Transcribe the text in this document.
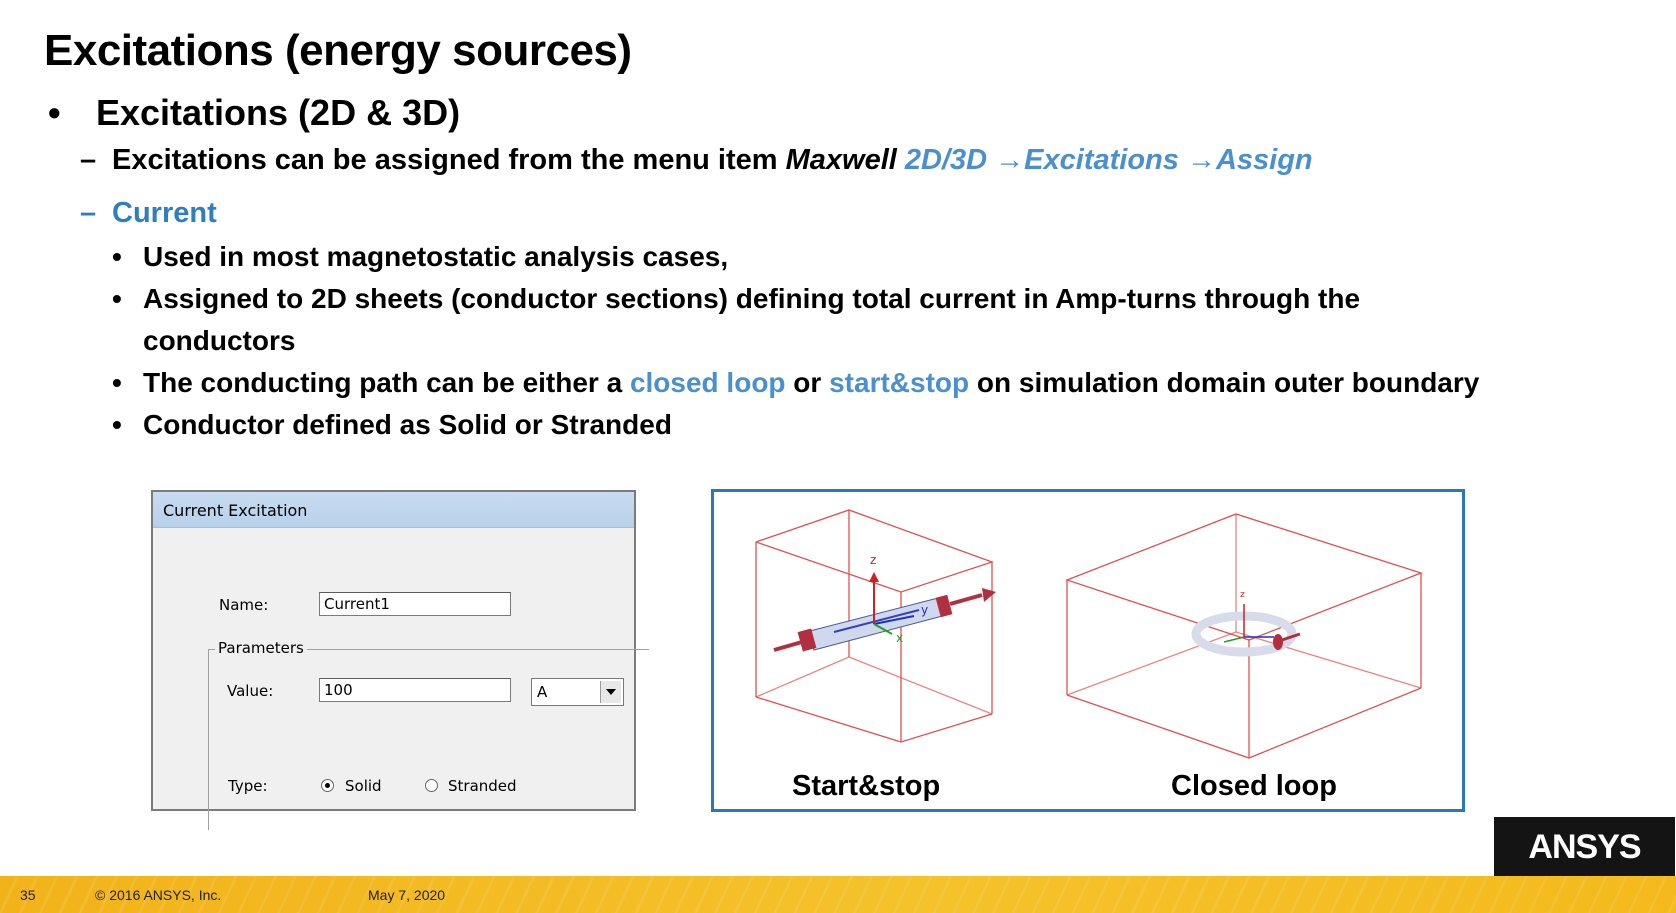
Excitations (energy sources)
• Excitations (2D & 3D)
– Excitations can be assigned from the menu item Maxwell 2D/3D →Excitations →Assign
– Current
• Used in most magnetostatic analysis cases,
• Assigned to 2D sheets (conductor sections) defining total current in Amp-turns through the
conductors
• The conducting path can be either a closed loop or start&stop on simulation domain outer boundary
• Conductor defined as Solid or Stranded
Current Excitation
Name:	Current1
Parameters
Value:	100	A
Type:	Solid	Stranded
z
y
x
z
Start&stop	Closed loop
ANSYS
35	© 2016 ANSYS, Inc.	May 7, 2020
